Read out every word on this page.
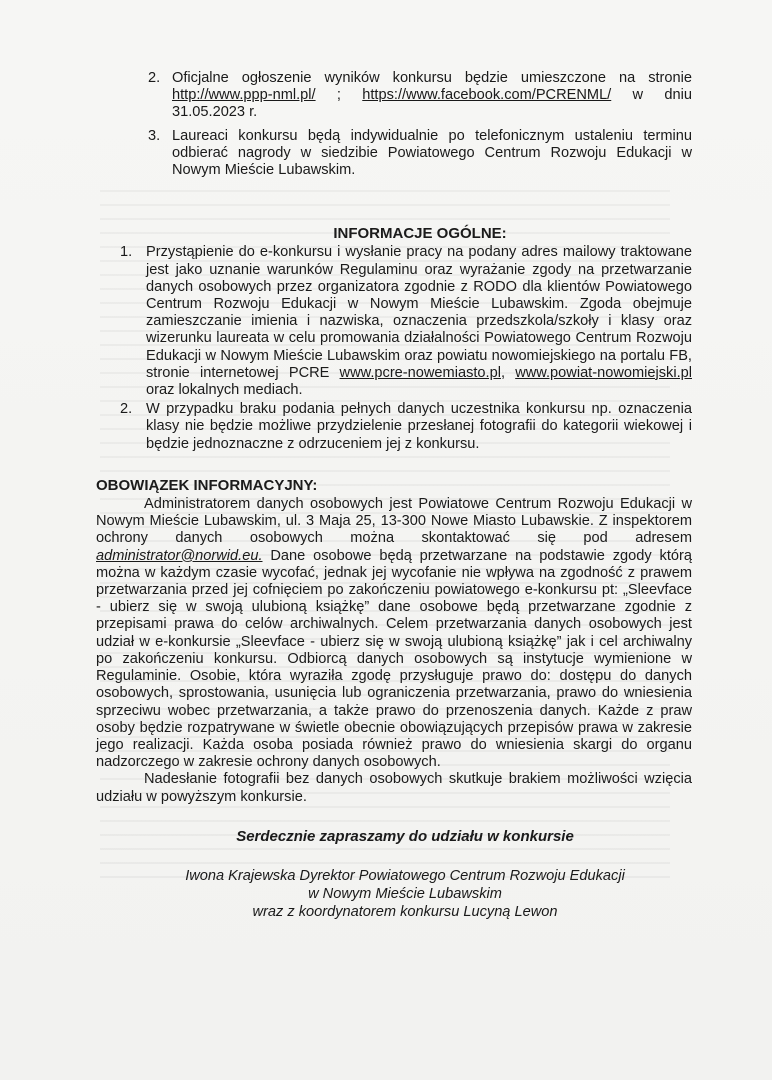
2. Oficjalne ogłoszenie wyników konkursu będzie umieszczone na stronie http://www.ppp-nml.pl/ ; https://www.facebook.com/PCRENML/ w dniu 31.05.2023 r.
3. Laureaci konkursu będą indywidualnie po telefonicznym ustaleniu terminu odbierać nagrody w siedzibie Powiatowego Centrum Rozwoju Edukacji w Nowym Mieście Lubawskim.
INFORMACJE OGÓLNE:
1. Przystąpienie do e-konkursu i wysłanie pracy na podany adres mailowy traktowane jest jako uznanie warunków Regulaminu oraz wyrażanie zgody na przetwarzanie danych osobowych przez organizatora zgodnie z RODO dla klientów Powiatowego Centrum Rozwoju Edukacji w Nowym Mieście Lubawskim. Zgoda obejmuje zamieszczanie imienia i nazwiska, oznaczenia przedszkola/szkoły i klasy oraz wizerunku laureata w celu promowania działalności Powiatowego Centrum Rozwoju Edukacji w Nowym Mieście Lubawskim oraz powiatu nowomiejskiego na portalu FB, stronie internetowej PCRE www.pcre-nowemiasto.pl, www.powiat-nowomiejski.pl oraz lokalnych mediach.
2. W przypadku braku podania pełnych danych uczestnika konkursu np. oznaczenia klasy nie będzie możliwe przydzielenie przesłanej fotografii do kategorii wiekowej i będzie jednoznaczne z odrzuceniem jej z konkursu.
OBOWIĄZEK INFORMACYJNY:

Administratorem danych osobowych jest Powiatowe Centrum Rozwoju Edukacji w Nowym Mieście Lubawskim, ul. 3 Maja 25, 13-300 Nowe Miasto Lubawskie. Z inspektorem ochrony danych osobowych można skontaktować się pod adresem administrator@norwid.eu. Dane osobowe będą przetwarzane na podstawie zgody którą można w każdym czasie wycofać, jednak jej wycofanie nie wpływa na zgodność z prawem przetwarzania przed jej cofnięciem po zakończeniu powiatowego e-konkursu pt: „Sleevface - ubierz się w swoją ulubioną książkę” dane osobowe będą przetwarzane zgodnie z przepisami prawa do celów archiwalnych. Celem przetwarzania danych osobowych jest udział w e-konkursie „Sleevface - ubierz się w swoją ulubioną książkę” jak i cel archiwalny po zakończeniu konkursu. Odbiorcą danych osobowych są instytucje wymienione w Regulaminie. Osobie, która wyraziła zgodę przysługuje prawo do: dostępu do danych osobowych, sprostowania, usunięcia lub ograniczenia przetwarzania, prawo do wniesienia sprzeciwu wobec przetwarzania, a także prawo do przenoszenia danych. Każde z praw osoby będzie rozpatrywane w świetle obecnie obowiązujących przepisów prawa w zakresie jego realizacji. Każda osoba posiada również prawo do wniesienia skargi do organu nadzorczego w zakresie ochrony danych osobowych.

Nadesłanie fotografii bez danych osobowych skutkuje brakiem możliwości wzięcia udziału w powyższym konkursie.

Serdecznie zapraszamy do udziału w konkursie
Iwona Krajewska Dyrektor Powiatowego Centrum Rozwoju Edukacji
w Nowym Mieście Lubawskim
wraz z koordynatorem konkursu Lucyną Lewon
